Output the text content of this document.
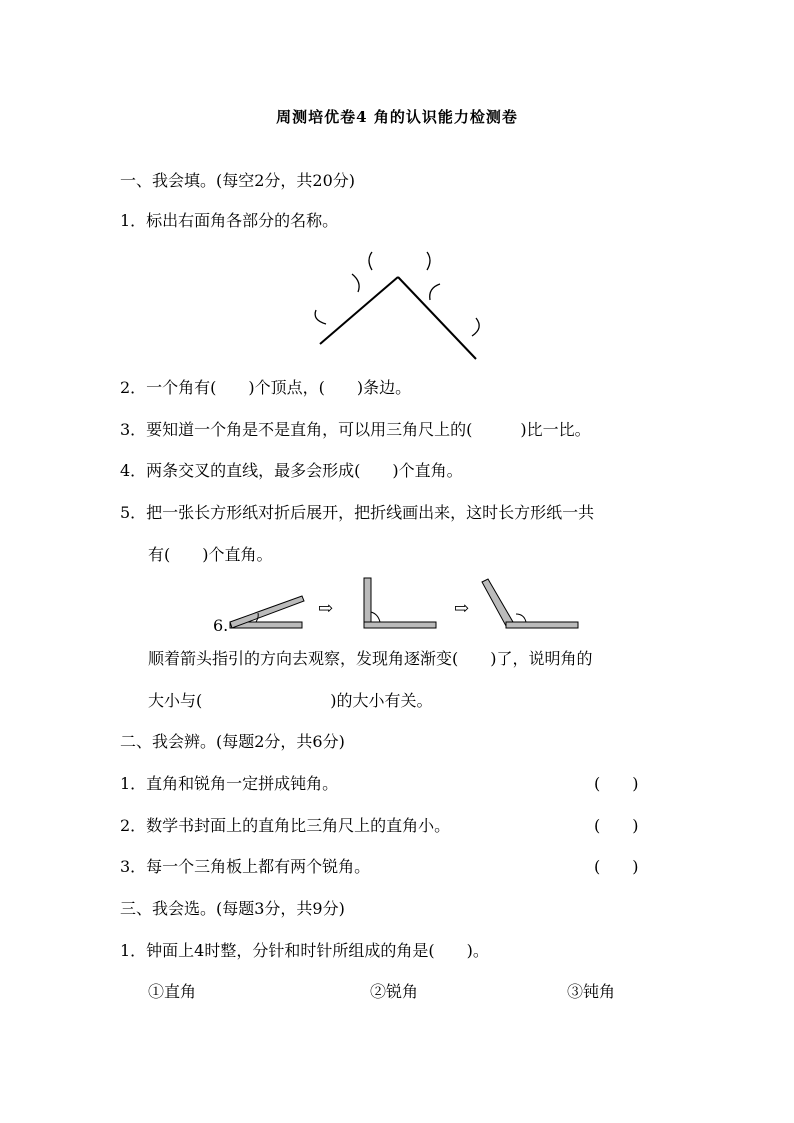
周测培优卷4 角的认识能力检测卷
一、我会填。(每空2分，共20分)
1．标出右面角各部分的名称。
2．一个角有(　　)个顶点，(　　)条边。
3．要知道一个角是不是直角，可以用三角尺上的(　　　)比一比。
4．两条交叉的直线，最多会形成(　　)个直角。
5．把一张长方形纸对折后展开，把折线画出来，这时长方形纸一共
有(　　)个直角。
6.
⇨	⇨
顺着箭头指引的方向去观察，发现角逐渐变(　　)了，说明角的
大小与(　　　　　　　　)的大小有关。
二、我会辨。(每题2分，共6分)
1．直角和锐角一定拼成钝角。	(　　)
2．数学书封面上的直角比三角尺上的直角小。	(　　)
3．每一个三角板上都有两个锐角。	(　　)
三、我会选。(每题3分，共9分)
1．钟面上4时整，分针和时针所组成的角是(　　)。
①直角	②锐角	③钝角
